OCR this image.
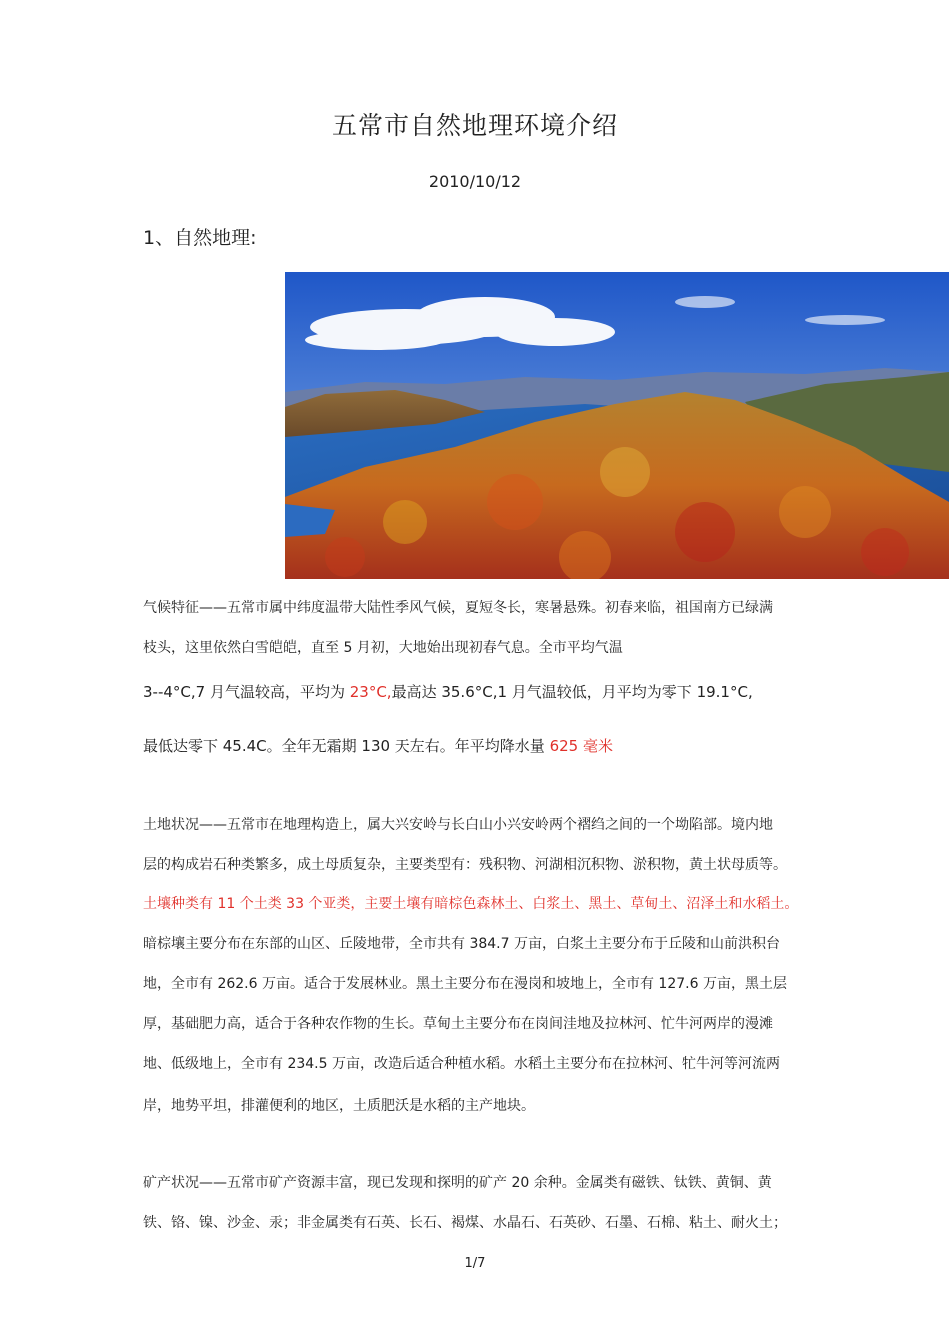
五常市自然地理环境介绍

2010/10/12

1、自然地理:

气候特征——五常市属中纬度温带大陆性季风气候，夏短冬长，寒暑悬殊。初春来临，祖国南方已绿满

枝头，这里依然白雪皑皑，直至 5 月初，大地始出现初春气息。全市平均气温

3--4°C,7 月气温较高，平均为 23°C,最高达 35.6°C,1 月气温较低，月平均为零下 19.1°C,

最低达零下 45.4C。全年无霜期 130 天左右。年平均降水量 625 毫米

土地状况——五常市在地理构造上，属大兴安岭与长白山小兴安岭两个褶绉之间的一个坳陷部。境内地

层的构成岩石种类繁多，成土母质复杂，主要类型有：残积物、河湖相沉积物、淤积物，黄土状母质等。

土壤种类有 11 个土类 33 个亚类，主要土壤有暗棕色森林土、白浆土、黑土、草甸土、沼泽土和水稻土。

暗棕壤主要分布在东部的山区、丘陵地带，全市共有 384.7 万亩，白浆土主要分布于丘陵和山前洪积台

地，全市有 262.6 万亩。适合于发展林业。黑土主要分布在漫岗和坡地上，全市有 127.6 万亩，黑土层

厚，基础肥力高，适合于各种农作物的生长。草甸土主要分布在岗间洼地及拉林河、忙牛河两岸的漫滩

地、低级地上，全市有 234.5 万亩，改造后适合种植水稻。水稻土主要分布在拉林河、牤牛河等河流两

岸，地势平坦，排灌便利的地区，土质肥沃是水稻的主产地块。

矿产状况——五常市矿产资源丰富，现已发现和探明的矿产 20 余种。金属类有磁铁、钛铁、黄铜、黄

铁、铬、镍、沙金、汞；非金属类有石英、长石、褐煤、水晶石、石英砂、石墨、石棉、粘土、耐火土；

1/7
